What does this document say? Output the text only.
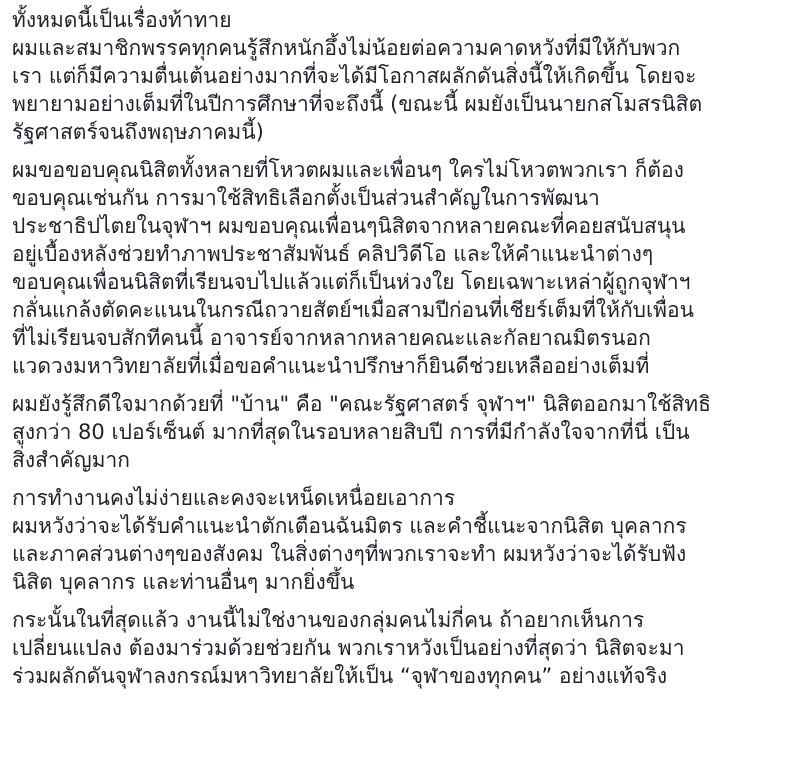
ทั้งหมดนี้เป็นเรื่องท้าทาย
ผมและสมาชิกพรรคทุกคนรู้สึกหนักอึ้งไม่น้อยต่อความคาดหวังที่มีให้กับพวก
เรา แต่ก็มีความตื่นเต้นอย่างมากที่จะได้มีโอกาสผลักดันสิ่งนี้ให้เกิดขึ้น โดยจะ
พยายามอย่างเต็มที่ในปีการศึกษาที่จะถึงนี้ (ขณะนี้ ผมยังเป็นนายกสโมสรนิสิต
รัฐศาสตร์จนถึงพฤษภาคมนี้)

ผมขอขอบคุณนิสิตทั้งหลายที่โหวตผมและเพื่อนๆ ใครไม่โหวตพวกเรา ก็ต้อง
ขอบคุณเช่นกัน การมาใช้สิทธิเลือกตั้งเป็นส่วนสำคัญในการพัฒนา
ประชาธิปไตยในจุฬาฯ ผมขอบคุณเพื่อนๆนิสิตจากหลายคณะที่คอยสนับสนุน
อยู่เบื้องหลังช่วยทำภาพประชาสัมพันธ์ คลิปวิดีโอ และให้คำแนะนำต่างๆ
ขอบคุณเพื่อนนิสิตที่เรียนจบไปแล้วแต่ก็เป็นห่วงใย โดยเฉพาะเหล่าผู้ถูกจุฬาฯ
กลั่นแกล้งตัดคะแนนในกรณีถวายสัตย์ฯเมื่อสามปีก่อนที่เชียร์เต็มที่ให้กับเพื่อน
ที่ไม่เรียนจบสักทีคนนี้ อาจารย์จากหลากหลายคณะและกัลยาณมิตรนอก
แวดวงมหาวิทยาลัยที่เมื่อขอคำแนะนำปรึกษาก็ยินดีช่วยเหลืออย่างเต็มที่

ผมยังรู้สึกดีใจมากด้วยที่ "บ้าน" คือ "คณะรัฐศาสตร์ จุฬาฯ" นิสิตออกมาใช้สิทธิ
สูงกว่า 80 เปอร์เซ็นต์ มากที่สุดในรอบหลายสิบปี การที่มีกำลังใจจากที่นี่ เป็น
สิ่งสำคัญมาก

การทำงานคงไม่ง่ายและคงจะเหน็ดเหนื่อยเอาการ
ผมหวังว่าจะได้รับคำแนะนำตักเตือนฉันมิตร และคำชี้แนะจากนิสิต บุคลากร
และภาคส่วนต่างๆของสังคม ในสิ่งต่างๆที่พวกเราจะทำ ผมหวังว่าจะได้รับฟัง
นิสิต บุคลากร และท่านอื่นๆ มากยิ่งขึ้น

กระนั้นในที่สุดแล้ว งานนี้ไม่ใช่งานของกลุ่มคนไม่กี่คน ถ้าอยากเห็นการ
เปลี่ยนแปลง ต้องมาร่วมด้วยช่วยกัน พวกเราหวังเป็นอย่างที่สุดว่า นิสิตจะมา
ร่วมผลักดันจุฬาลงกรณ์มหาวิทยาลัยให้เป็น “จุฬาของทุกคน” อย่างแท้จริง
